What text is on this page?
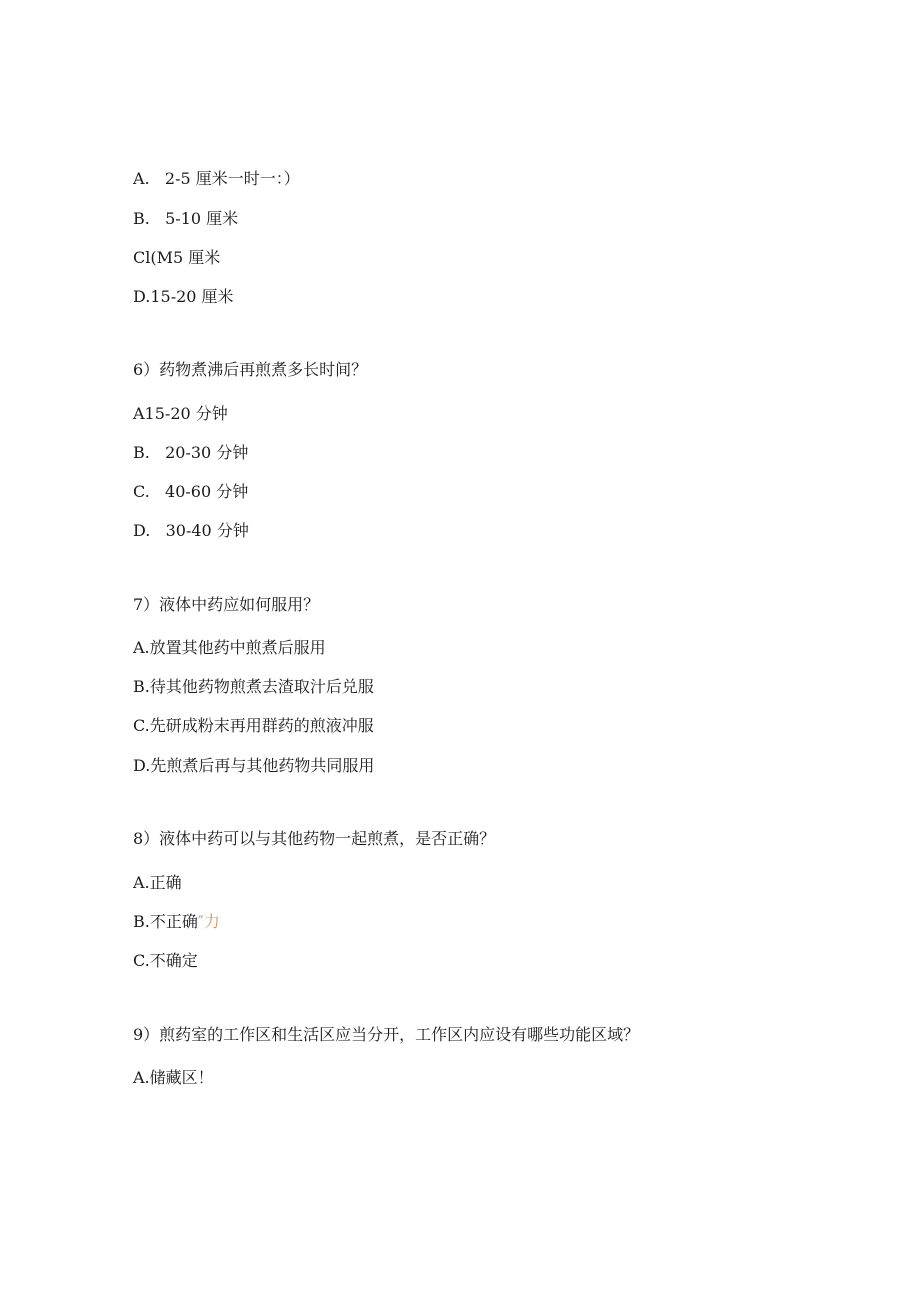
A.   2-5 厘米一时一：）
B.   5-10 厘米
Cl(M5 厘米
D.15-20 厘米
6）药物煮沸后再煎煮多长时间？
A15-20 分钟
B.   20-30 分钟
C.   40-60 分钟
D.   30-40 分钟
7）液体中药应如何服用？
A.放置其他药中煎煮后服用
B.待其他药物煎煮去渣取汁后兑服
C.先研成粉末再用群药的煎液冲服
D.先煎煮后再与其他药物共同服用
8）液体中药可以与其他药物一起煎煮，是否正确？
A.正确
B.不正确″力
C.不确定
9）煎药室的工作区和生活区应当分开，工作区内应设有哪些功能区域？
A.储藏区！
